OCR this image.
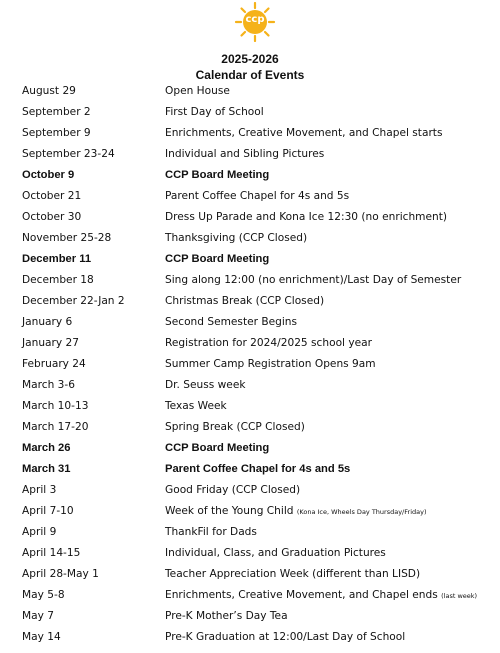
ccp
2025-2026
Calendar of Events
August 29	Open House
September 2	First Day of School
September 9	Enrichments, Creative Movement, and Chapel starts
September 23-24	Individual and Sibling Pictures
October 9	CCP Board Meeting
October 21	Parent Coffee Chapel for 4s and 5s
October 30	Dress Up Parade and Kona Ice 12:30 (no enrichment)
November 25-28	Thanksgiving (CCP Closed)
December 11	CCP Board Meeting
December 18	Sing along 12:00 (no enrichment)/Last Day of Semester
December 22-Jan 2	Christmas Break (CCP Closed)
January 6	Second Semester Begins
January 27	Registration for 2024/2025 school year
February 24	Summer Camp Registration Opens 9am
March 3-6	Dr. Seuss week
March 10-13	Texas Week
March 17-20	Spring Break (CCP Closed)
March 26	CCP Board Meeting
March 31	Parent Coffee Chapel for 4s and 5s
April 3	Good Friday (CCP Closed)
April 7-10	Week of the Young Child (Kona Ice, Wheels Day Thursday/Friday)
April 9	ThankFil for Dads
April 14-15	Individual, Class, and Graduation Pictures
April 28-May 1	Teacher Appreciation Week (different than LISD)
May 5-8	Enrichments, Creative Movement, and Chapel ends (last week)
May 7	Pre-K Mother’s Day Tea
May 14	Pre-K Graduation at 12:00/Last Day of School
